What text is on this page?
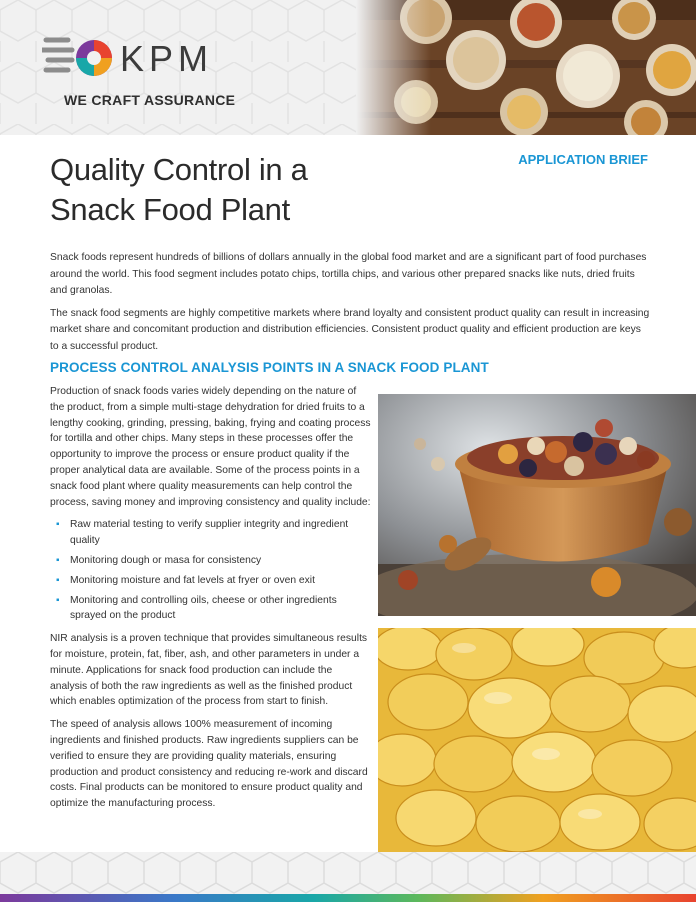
KPM
WE CRAFT ASSURANCE
Quality Control in a Snack Food Plant
APPLICATION BRIEF

Snack foods represent hundreds of billions of dollars annually in the global food market and are a significant part of food purchases around the world. This food segment includes potato chips, tortilla chips, and various other prepared snacks like nuts, dried fruits and granolas.

The snack food segments are highly competitive markets where brand loyalty and consistent product quality can result in increasing market share and concomitant production and distribution efficiencies. Consistent product quality and efficient production are keys to a successful product.

PROCESS CONTROL ANALYSIS POINTS IN A SNACK FOOD PLANT

Production of snack foods varies widely depending on the nature of the product, from a simple multi-stage dehydration for dried fruits to a lengthy cooking, grinding, pressing, baking, frying and coating process for tortilla and other chips. Many steps in these processes offer the opportunity to improve the process or ensure product quality if the proper analytical data are available. Some of the process points in a snack food plant where quality measurements can help control the process, saving money and improving consistency and quality include:

▪ Raw material testing to verify supplier integrity and ingredient quality
▪ Monitoring dough or masa for consistency
▪ Monitoring moisture and fat levels at fryer or oven exit
▪ Monitoring and controlling oils, cheese or other ingredients sprayed on the product

NIR analysis is a proven technique that provides simultaneous results for moisture, protein, fat, fiber, ash, and other parameters in under a minute. Applications for snack food production can include the analysis of both the raw ingredients as well as the finished product which enables optimization of the process from start to finish.

The speed of analysis allows 100% measurement of incoming ingredients and finished products. Raw ingredients suppliers can be verified to ensure they are providing quality materials, ensuring production and product consistency and reducing re-work and discard costs. Final products can be monitored to ensure product quality and optimize the manufacturing process.
